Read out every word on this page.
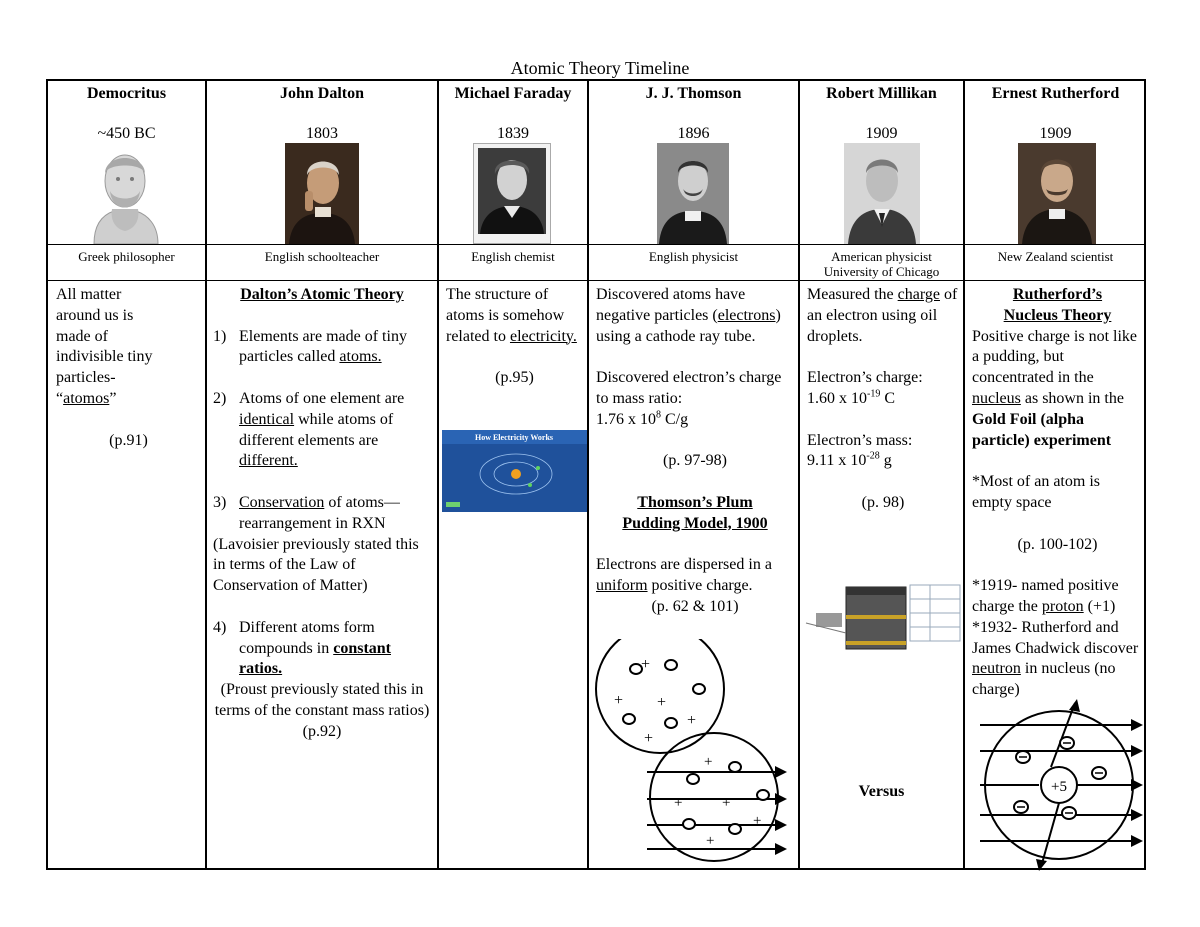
Atomic Theory Timeline
Democritus
~450 BC
Greek philosopher
All matter
around us is
made of
indivisible tiny
particles-
“atomos”
(p.91)
John Dalton
1803
English schoolteacher
Dalton’s Atomic Theory
1) Elements are made of tiny particles called atoms.
2) Atoms of one element are identical while atoms of different elements are different.
3) Conservation of atoms—rearrangement in RXN
(Lavoisier previously stated this in terms of the Law of Conservation of Matter)
4) Different atoms form compounds in constant ratios.
(Proust previously stated this in terms of the constant mass ratios) (p.92)
Michael Faraday
1839
English chemist
The structure of atoms is somehow related to electricity.
(p.95)
How Electricity Works
J. J. Thomson
1896
English physicist
Discovered atoms have negative particles (electrons) using a cathode ray tube.
Discovered electron’s charge to mass ratio:
1.76 x $10^8$ C/g
(p. 97-98)
Thomson’s Plum
Pudding Model, 1900
Electrons are dispersed in a uniform positive charge.
(p. 62 & 101)
+
+ +
+
+
+
+	+
+
+
Robert Millikan
1909
American physicist
University of Chicago
Measured the charge of an electron using oil droplets.
Electron’s charge:
1.60 x $10^{-19}$ C
Electron’s mass:
9.11 x $10^{-28}$ g
(p. 98)
Versus
Ernest Rutherford
1909
New Zealand scientist
Rutherford’s
Nucleus Theory
Positive charge is not like a pudding, but concentrated in the nucleus as shown in the Gold Foil (alpha particle) experiment
*Most of an atom is empty space
(p. 100-102)
*1919- named positive charge the proton (+1)
*1932- Rutherford and James Chadwick discover neutron in nucleus (no charge)
+5
